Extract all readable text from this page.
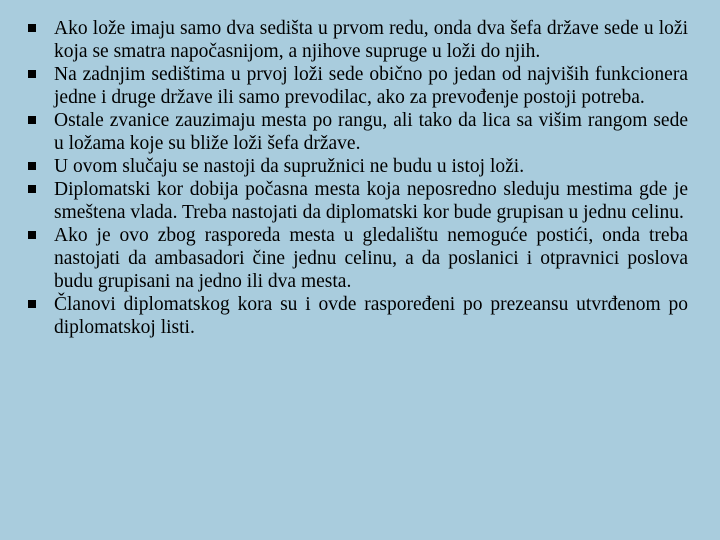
Ako lože imaju samo dva sedišta u prvom redu, onda dva šefa države sede u loži koja se smatra napočasnijom, a njihove supruge u loži do njih.
Na zadnjim sedištima u prvoj loži sede obično po jedan od najviših funkcionera jedne i druge države ili samo prevodilac, ako za prevođenje postoji potreba.
Ostale zvanice zauzimaju mesta po rangu, ali tako da lica sa višim rangom sede u ložama koje su bliže loži šefa države.
U ovom slučaju se nastoji da supružnici ne budu u istoj loži.
Diplomatski kor dobija počasna mesta koja neposredno sleduju mestima gde je smeštena vlada. Treba nastojati da diplomatski kor bude grupisan u jednu celinu.
Ako je ovo zbog rasporeda mesta u gledalištu nemoguće postići, onda treba nastojati da ambasadori čine jednu celinu, a da poslanici i otpravnici poslova budu grupisani na jedno ili dva mesta.
Članovi diplomatskog kora su i ovde raspoređeni po prezeansu utvrđenom po diplomatskoj listi.
